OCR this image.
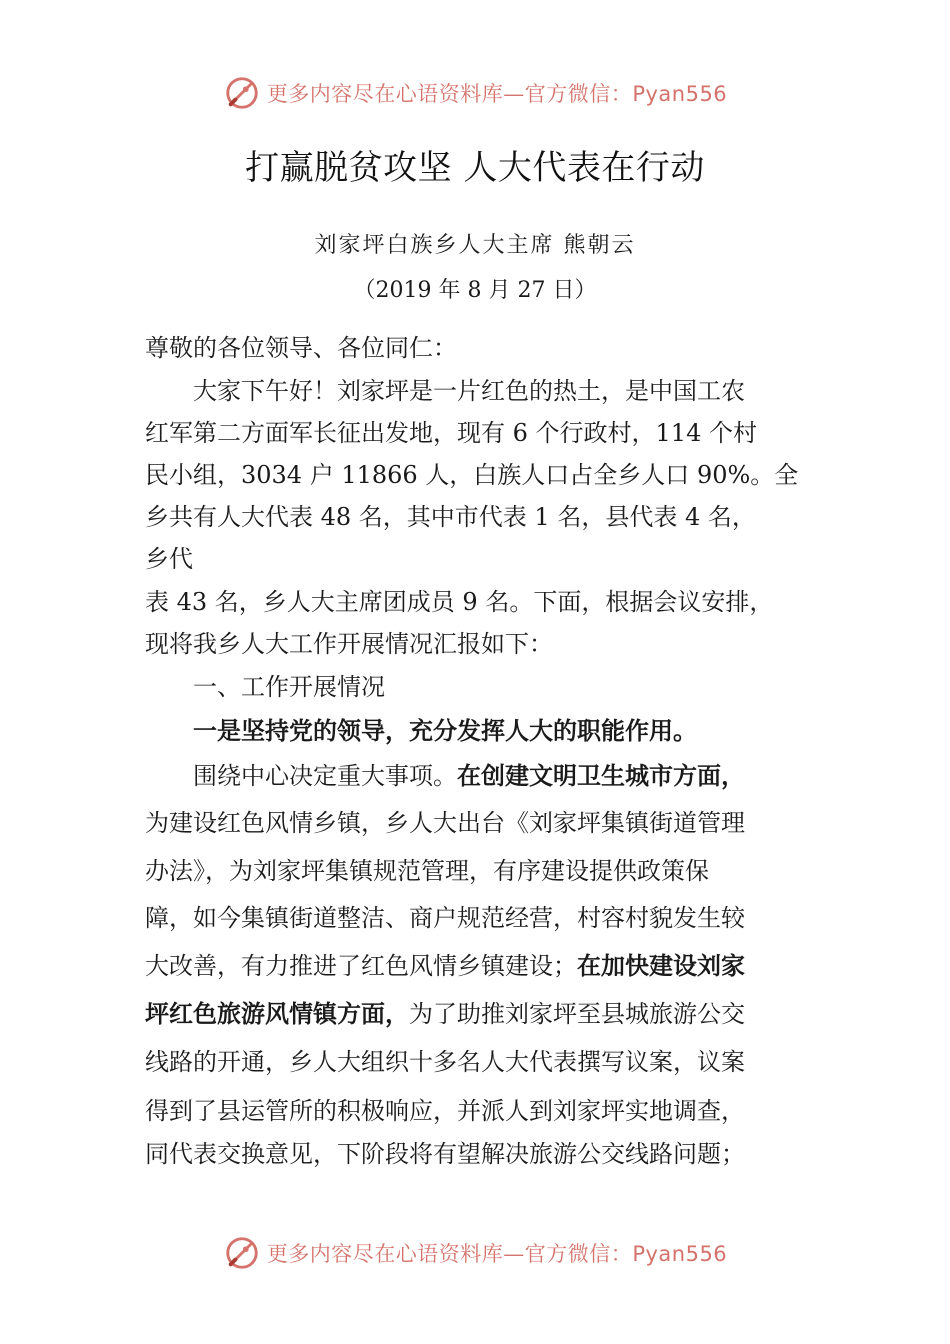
更多内容尽在心语资料库—官方微信：Pyan556
打赢脱贫攻坚 人大代表在行动
刘家坪白族乡人大主席 熊朝云
（2019 年 8 月 27 日）
尊敬的各位领导、各位同仁：
大家下午好！刘家坪是一片红色的热土，是中国工农
红军第二方面军长征出发地，现有 6 个行政村，114 个村
民小组，3034 户 11866 人，白族人口占全乡人口 90%。全
乡共有人大代表 48 名，其中市代表 1 名，县代表 4 名，
乡代
表 43 名，乡人大主席团成员 9 名。下面，根据会议安排，
现将我乡人大工作开展情况汇报如下：
一、工作开展情况
一是坚持党的领导，充分发挥人大的职能作用。
围绕中心决定重大事项。在创建文明卫生城市方面，
为建设红色风情乡镇，乡人大出台《刘家坪集镇街道管理
办法》，为刘家坪集镇规范管理，有序建设提供政策保
障，如今集镇街道整洁、商户规范经营，村容村貌发生较
大改善，有力推进了红色风情乡镇建设；在加快建设刘家
坪红色旅游风情镇方面，为了助推刘家坪至县城旅游公交
线路的开通，乡人大组织十多名人大代表撰写议案，议案
得到了县运管所的积极响应，并派人到刘家坪实地调查，
同代表交换意见，下阶段将有望解决旅游公交线路问题；
更多内容尽在心语资料库—官方微信：Pyan556
